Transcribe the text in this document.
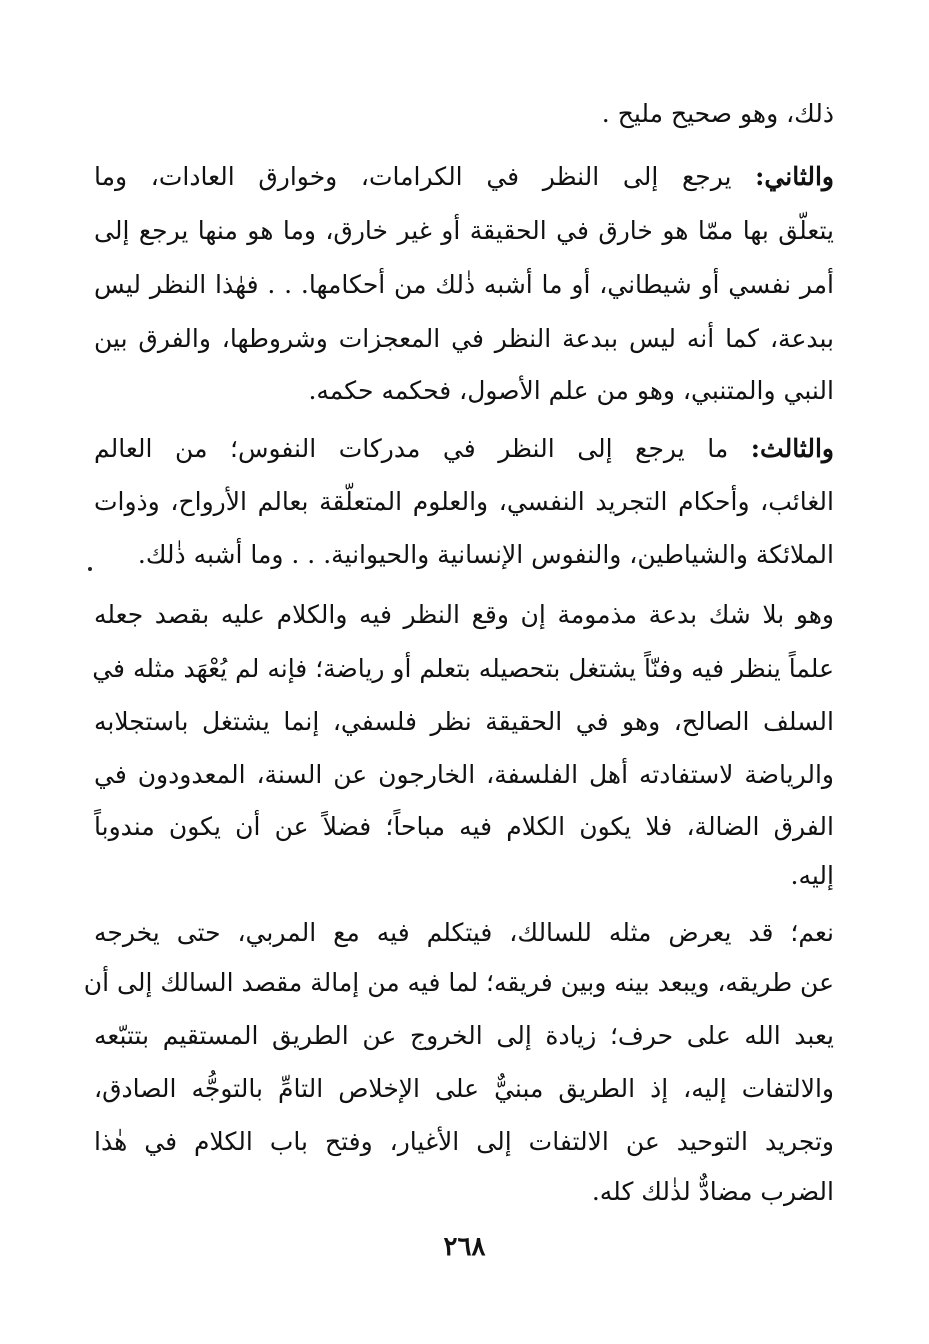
ذلك، وهو صحيح مليح .
والثاني: يرجع إلى النظر في الكرامات، وخوارق العادات، وما
يتعلّق بها ممّا هو خارق في الحقيقة أو غير خارق، وما هو منها يرجع إلى
أمر نفسي أو شيطاني، أو ما أشبه ذٰلك من أحكامها. . . فهٰذا النظر ليس
ببدعة، كما أنه ليس ببدعة النظر في المعجزات وشروطها، والفرق بين
النبي والمتنبي، وهو من علم الأصول، فحكمه حكمه.
والثالث: ما يرجع إلى النظر في مدركات النفوس؛ من العالم
الغائب، وأحكام التجريد النفسي، والعلوم المتعلّقة بعالم الأرواح، وذوات
الملائكة والشياطين، والنفوس الإنسانية والحيوانية. . . وما أشبه ذٰلك.
وهو بلا شك بدعة مذمومة إن وقع النظر فيه والكلام عليه بقصد جعله
علماً ينظر فيه وفنّاً يشتغل بتحصيله بتعلم أو رياضة؛ فإنه لم يُعْهَد مثله في
السلف الصالح، وهو في الحقيقة نظر فلسفي، إنما يشتغل باستجلابه
والرياضة لاستفادته أهل الفلسفة، الخارجون عن السنة، المعدودون في
الفرق الضالة، فلا يكون الكلام فيه مباحاً؛ فضلاً عن أن يكون مندوباً
إليه.
نعم؛ قد يعرض مثله للسالك، فيتكلم فيه مع المربي، حتى يخرجه
عن طريقه، ويبعد بينه وبين فريقه؛ لما فيه من إمالة مقصد السالك إلى أن
يعبد الله على حرف؛ زيادة إلى الخروج عن الطريق المستقيم بتتبّعه
والالتفات إليه، إذ الطريق مبنيٌّ على الإخلاص التامِّ بالتوجُّه الصادق،
وتجريد التوحيد عن الالتفات إلى الأغيار، وفتح باب الكلام في هٰذا
الضرب مضادٌّ لذٰلك كله.
٢٦٨
